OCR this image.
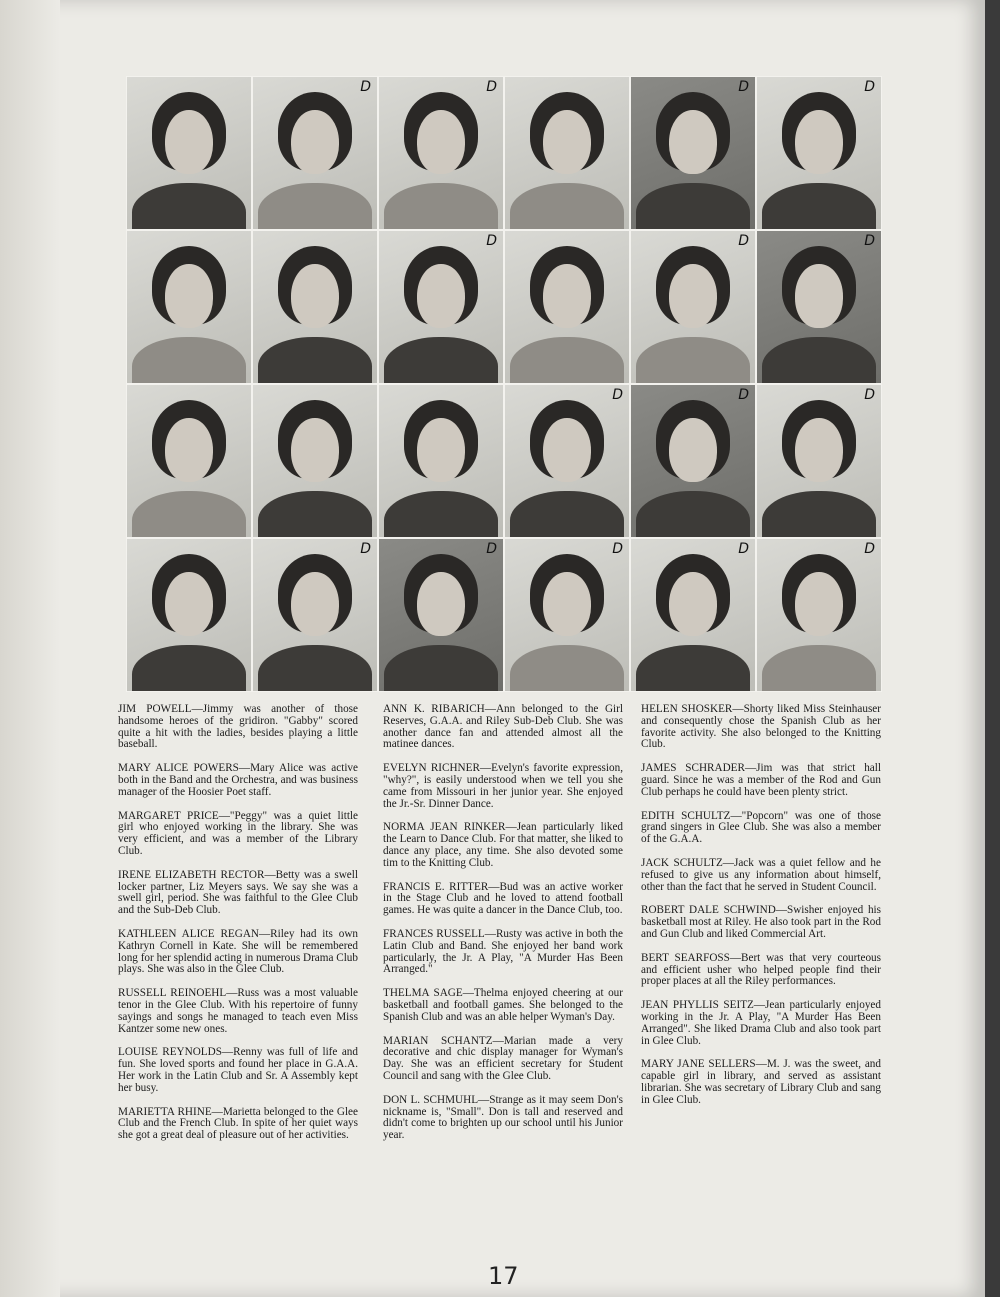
D	D	D	D
D	D	D
D	D	D
D	D	D	D	D

JIM POWELL—Jimmy was another of those handsome heroes of the gridiron. "Gabby" scored quite a hit with the ladies, besides playing a little baseball.

MARY ALICE POWERS—Mary Alice was active both in the Band and the Orchestra, and was business manager of the Hoosier Poet staff.

MARGARET PRICE—"Peggy" was a quiet little girl who enjoyed working in the library. She was very efficient, and was a member of the Library Club.

IRENE ELIZABETH RECTOR—Betty was a swell locker partner, Liz Meyers says. We say she was a swell girl, period. She was faithful to the Glee Club and the Sub-Deb Club.

KATHLEEN ALICE REGAN—Riley had its own Kathryn Cornell in Kate. She will be remembered long for her splendid acting in numerous Drama Club plays. She was also in the Glee Club.

RUSSELL REINOEHL—Russ was a most valuable tenor in the Glee Club. With his repertoire of funny sayings and songs he managed to teach even Miss Kantzer some new ones.

LOUISE REYNOLDS—Renny was full of life and fun. She loved sports and found her place in G.A.A. Her work in the Latin Club and Sr. A Assembly kept her busy.

MARIETTA RHINE—Marietta belonged to the Glee Club and the French Club. In spite of her quiet ways she got a great deal of pleasure out of her activities.

ANN K. RIBARICH—Ann belonged to the Girl Reserves, G.A.A. and Riley Sub-Deb Club. She was another dance fan and attended almost all the matinee dances.

EVELYN RICHNER—Evelyn's favorite expression, "why?", is easily understood when we tell you she came from Missouri in her junior year. She enjoyed the Jr.-Sr. Dinner Dance.

NORMA JEAN RINKER—Jean particularly liked the Learn to Dance Club. For that matter, she liked to dance any place, any time. She also devoted some tim to the Knitting Club.

FRANCIS E. RITTER—Bud was an active worker in the Stage Club and he loved to attend football games. He was quite a dancer in the Dance Club, too.

FRANCES RUSSELL—Rusty was active in both the Latin Club and Band. She enjoyed her band work particularly, the Jr. A Play, "A Murder Has Been Arranged."

THELMA SAGE—Thelma enjoyed cheering at our basketball and football games. She belonged to the Spanish Club and was an able helper Wyman's Day.

MARIAN SCHANTZ—Marian made a very decorative and chic display manager for Wyman's Day. She was an efficient secretary for Student Council and sang with the Glee Club.

DON L. SCHMUHL—Strange as it may seem Don's nickname is, "Small". Don is tall and reserved and didn't come to brighten up our school until his Junior year.

HELEN SHOSKER—Shorty liked Miss Steinhauser and consequently chose the Spanish Club as her favorite activity. She also belonged to the Knitting Club.

JAMES SCHRADER—Jim was that strict hall guard. Since he was a member of the Rod and Gun Club perhaps he could have been plenty strict.

EDITH SCHULTZ—"Popcorn" was one of those grand singers in Glee Club. She was also a member of the G.A.A.

JACK SCHULTZ—Jack was a quiet fellow and he refused to give us any information about himself, other than the fact that he served in Student Council.

ROBERT DALE SCHWIND—Swisher enjoyed his basketball most at Riley. He also took part in the Rod and Gun Club and liked Commercial Art.

BERT SEARFOSS—Bert was that very courteous and efficient usher who helped people find their proper places at all the Riley performances.

JEAN PHYLLIS SEITZ—Jean particularly enjoyed working in the Jr. A Play, "A Murder Has Been Arranged". She liked Drama Club and also took part in Glee Club.

MARY JANE SELLERS—M. J. was the sweet, and capable girl in library, and served as assistant librarian. She was secretary of Library Club and sang in Glee Club.

17
